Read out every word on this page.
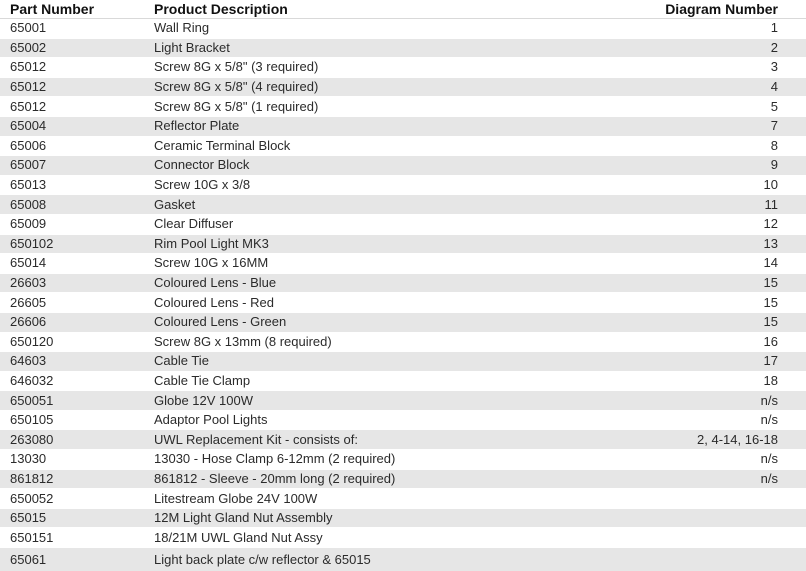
Part Number	Product Description	Diagram Number
65001	Wall Ring	1
65002	Light Bracket	2
65012	Screw 8G x 5/8" (3 required)	3
65012	Screw 8G x 5/8" (4 required)	4
65012	Screw 8G x 5/8" (1 required)	5
65004	Reflector Plate	7
65006	Ceramic Terminal Block	8
65007	Connector Block	9
65013	Screw 10G x 3/8	10
65008	Gasket	11
65009	Clear Diffuser	12
650102	Rim Pool Light MK3	13
65014	Screw 10G x 16MM	14
26603	Coloured Lens - Blue	15
26605	Coloured Lens - Red	15
26606	Coloured Lens - Green	15
650120	Screw 8G x 13mm (8 required)	16
64603	Cable Tie	17
646032	Cable Tie Clamp	18
650051	Globe 12V 100W	n/s
650105	Adaptor Pool Lights	n/s
263080	UWL Replacement Kit - consists of:	2, 4-14, 16-18
13030	13030 - Hose Clamp 6-12mm (2 required)	n/s
861812	861812 - Sleeve - 20mm long (2 required)	n/s
650052	Litestream Globe 24V 100W	
65015	12M Light Gland Nut Assembly	
650151	18/21M UWL Gland Nut Assy	
65061	Light back plate c/w reflector & 65015	
